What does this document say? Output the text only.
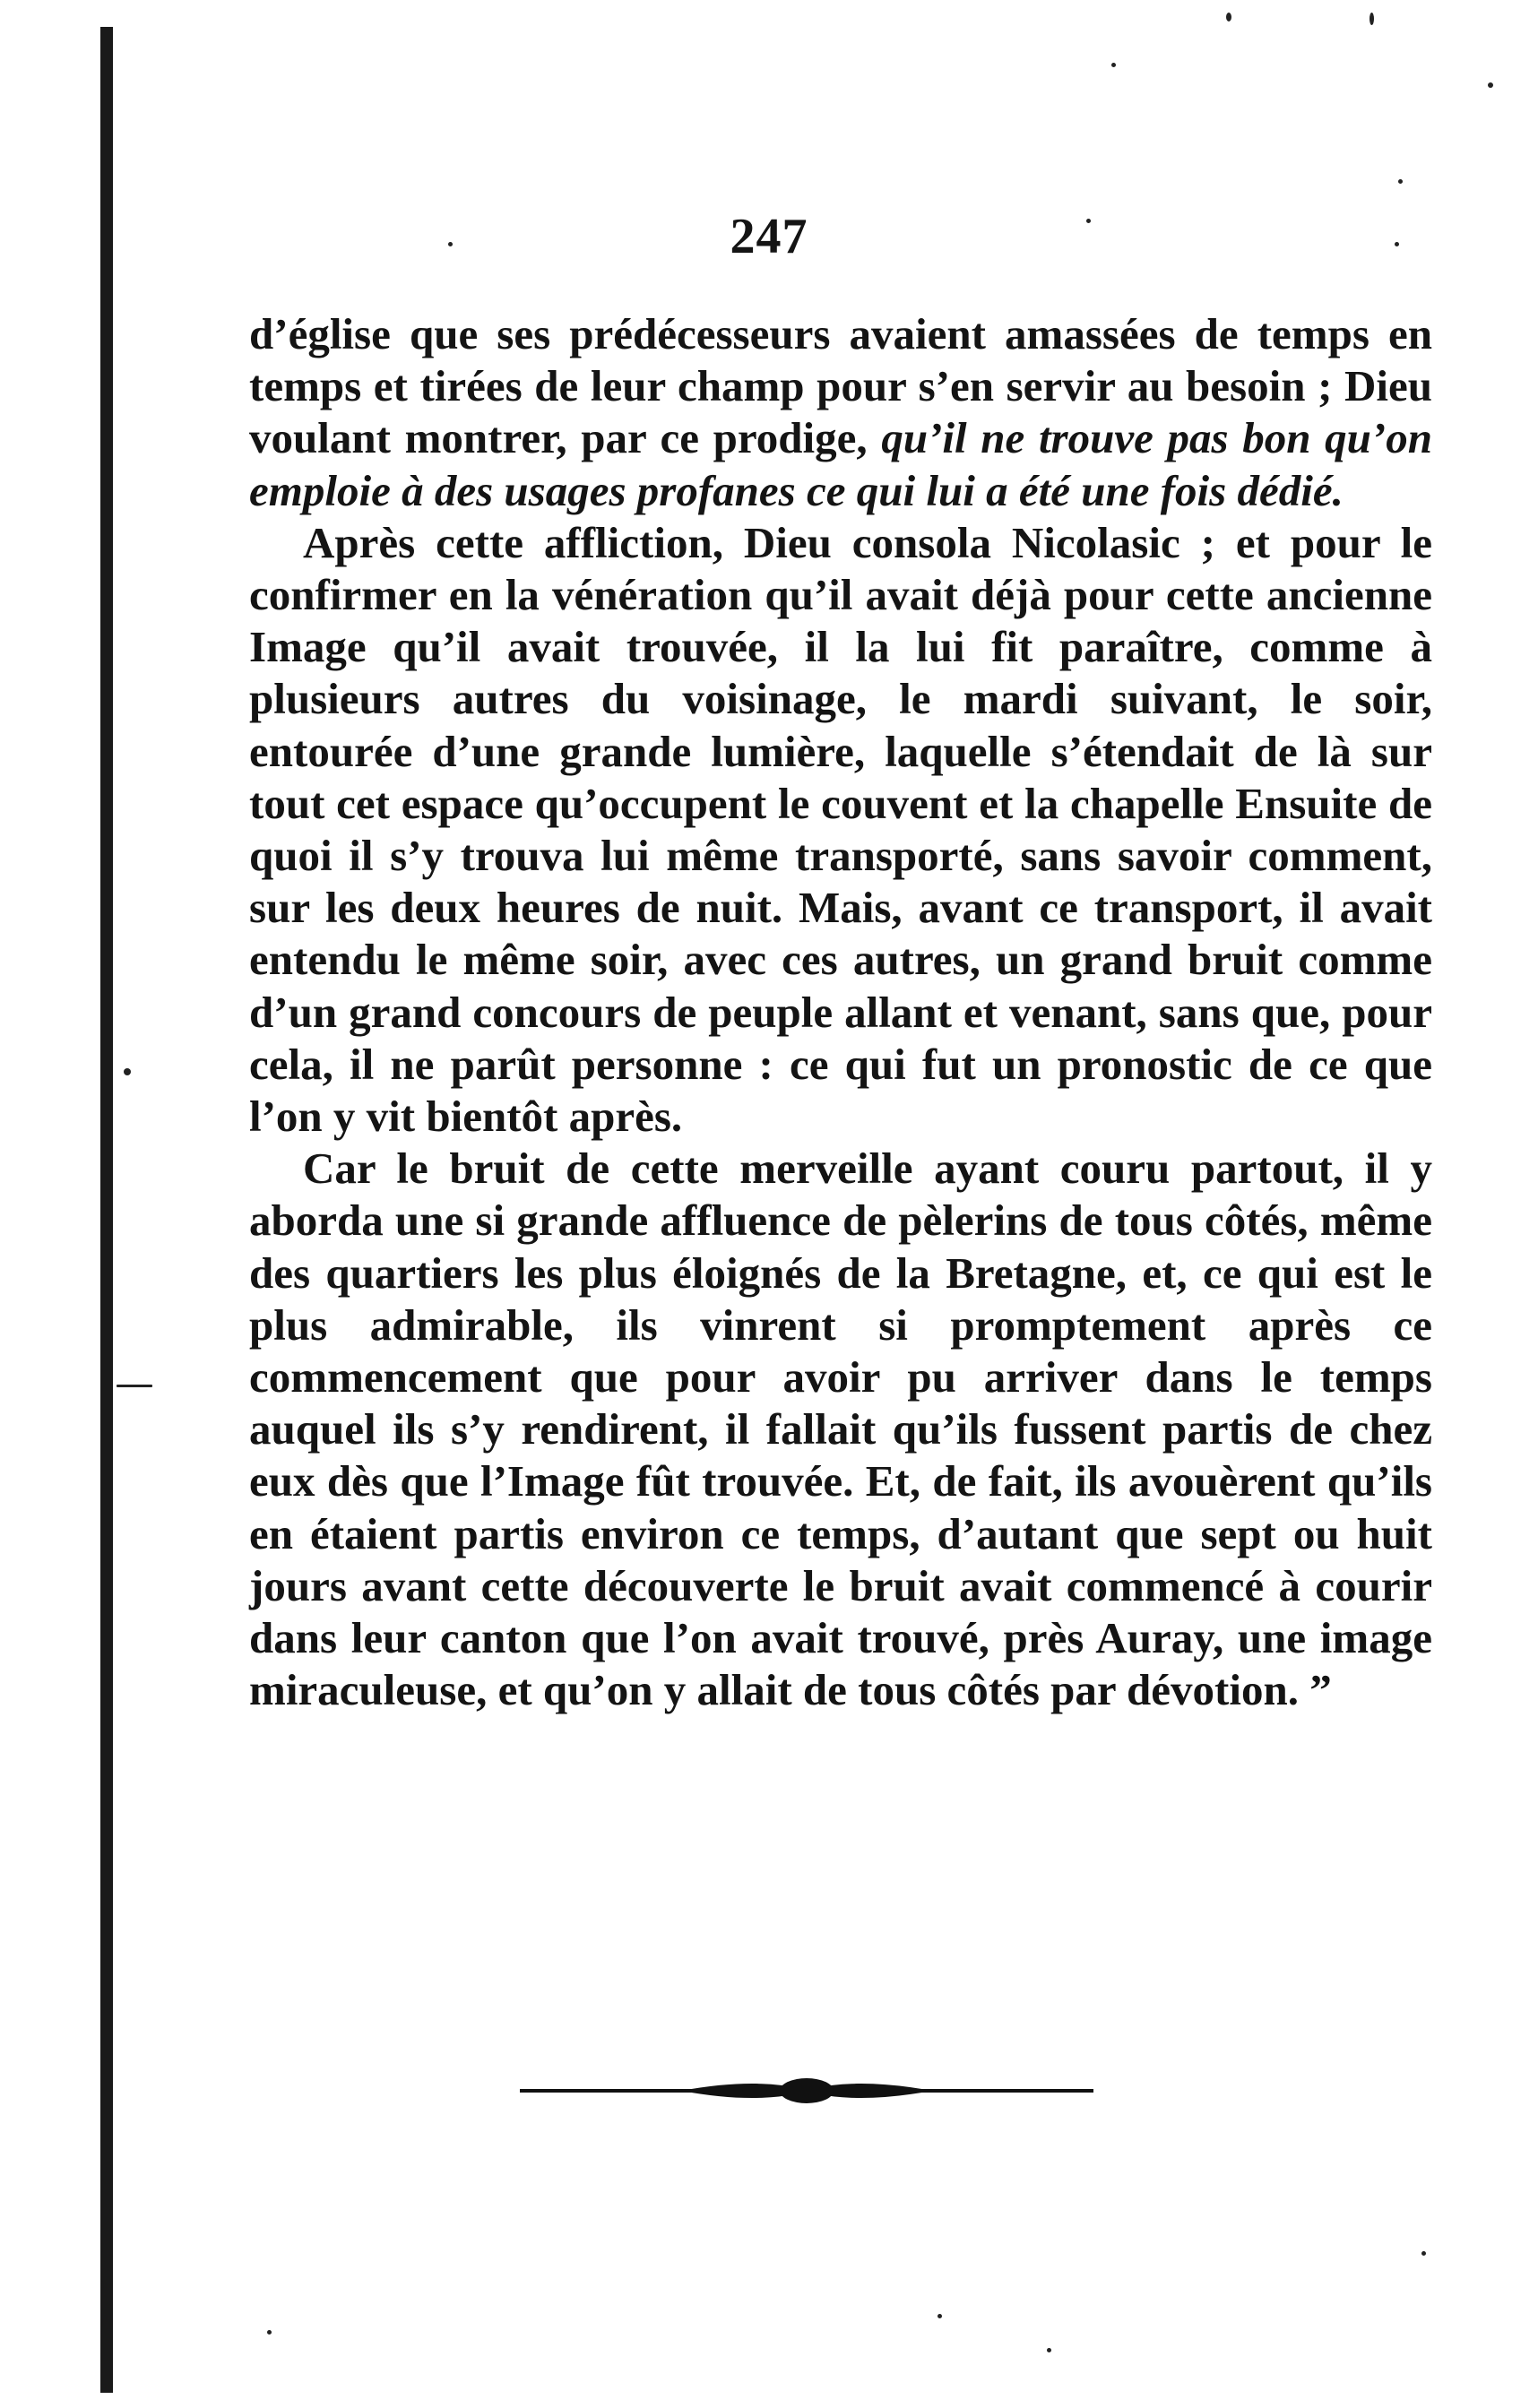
247

d’église que ses prédécesseurs avaient amassées de temps en temps et tirées de leur champ pour s’en servir au besoin ; Dieu voulant montrer, par ce prodige, qu’il ne trouve pas bon qu’on emploie à des usages profanes ce qui lui a été une fois dédié.

Après cette affliction, Dieu consola Nicolasic ; et pour le confirmer en la vénération qu’il avait déjà pour cette ancienne Image qu’il avait trouvée, il la lui fit paraître, comme à plusieurs autres du voisinage, le mardi suivant, le soir, entourée d’une grande lumière, laquelle s’étendait de là sur tout cet espace qu’occupent le couvent et la chapelle Ensuite de quoi il s’y trouva lui même transporté, sans savoir comment, sur les deux heures de nuit. Mais, avant ce transport, il avait entendu le même soir, avec ces autres, un grand bruit comme d’un grand concours de peuple allant et venant, sans que, pour cela, il ne parût personne : ce qui fut un pronostic de ce que l’on y vit bientôt après.

Car le bruit de cette merveille ayant couru partout, il y aborda une si grande affluence de pèlerins de tous côtés, même des quartiers les plus éloignés de la Bretagne, et, ce qui est le plus admirable, ils vinrent si promptement après ce commencement que pour avoir pu arriver dans le temps auquel ils s’y rendirent, il fallait qu’ils fussent partis de chez eux dès que l’Image fût trouvée. Et, de fait, ils avouèrent qu’ils en étaient partis environ ce temps, d’autant que sept ou huit jours avant cette découverte le bruit avait commencé à courir dans leur canton que l’on avait trouvé, près Auray, une image miraculeuse, et qu’on y allait de tous côtés par dévotion. ”
